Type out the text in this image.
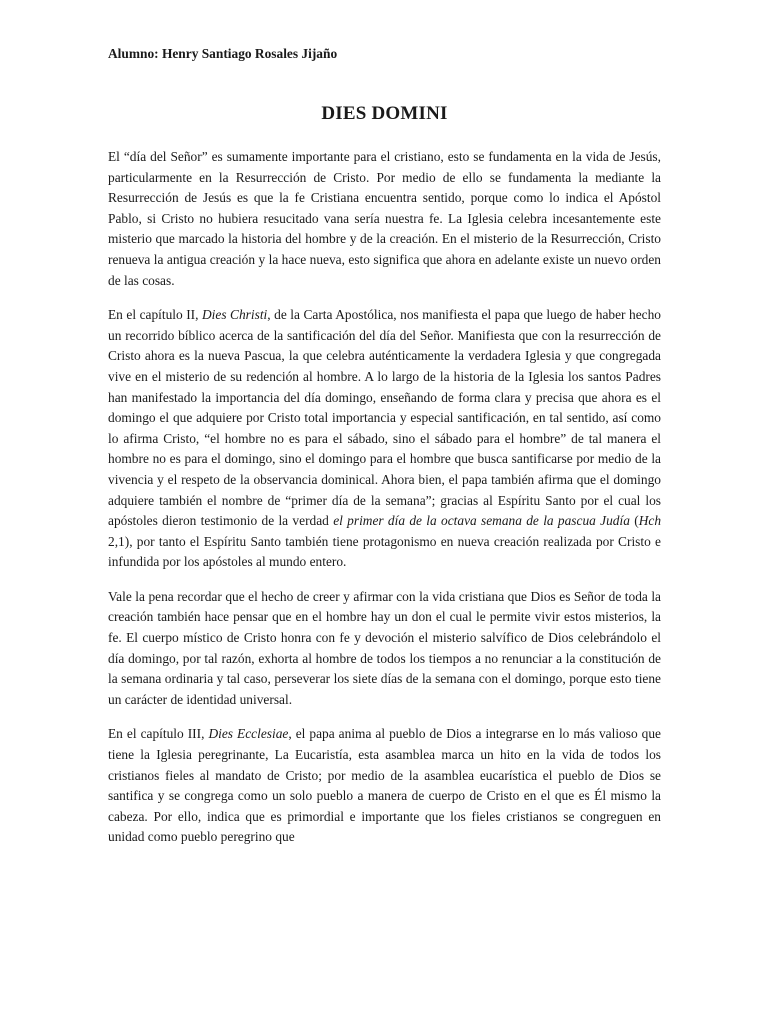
Alumno: Henry Santiago Rosales Jijaño

DIES DOMINI

El “día del Señor” es sumamente importante para el cristiano, esto se fundamenta en la vida de Jesús, particularmente en la Resurrección de Cristo. Por medio de ello se fundamenta la mediante la Resurrección de Jesús es que la fe Cristiana encuentra sentido, porque como lo indica el Apóstol Pablo, si Cristo no hubiera resucitado vana sería nuestra fe. La Iglesia celebra incesantemente este misterio que marcado la historia del hombre y de la creación. En el misterio de la Resurrección, Cristo renueva la antigua creación y la hace nueva, esto significa que ahora en adelante existe un nuevo orden de las cosas.

En el capítulo II, Dies Christi, de la Carta Apostólica, nos manifiesta el papa que luego de haber hecho un recorrido bíblico acerca de la santificación del día del Señor. Manifiesta que con la resurrección de Cristo ahora es la nueva Pascua, la que celebra auténticamente la verdadera Iglesia y que congregada vive en el misterio de su redención al hombre. A lo largo de la historia de la Iglesia los santos Padres han manifestado la importancia del día domingo, enseñando de forma clara y precisa que ahora es el domingo el que adquiere por Cristo total importancia y especial santificación, en tal sentido, así como lo afirma Cristo, “el hombre no es para el sábado, sino el sábado para el hombre” de tal manera el hombre no es para el domingo, sino el domingo para el hombre que busca santificarse por medio de la vivencia y el respeto de la observancia dominical. Ahora bien, el papa también afirma que el domingo adquiere también el nombre de “primer día de la semana”; gracias al Espíritu Santo por el cual los apóstoles dieron testimonio de la verdad el primer día de la octava semana de la pascua Judía (Hch 2,1), por tanto el Espíritu Santo también tiene protagonismo en nueva creación realizada por Cristo e infundida por los apóstoles al mundo entero.

Vale la pena recordar que el hecho de creer y afirmar con la vida cristiana que Dios es Señor de toda la creación también hace pensar que en el hombre hay un don el cual le permite vivir estos misterios, la fe. El cuerpo místico de Cristo honra con fe y devoción el misterio salvífico de Dios celebrándolo el día domingo, por tal razón, exhorta al hombre de todos los tiempos a no renunciar a la constitución de la semana ordinaria y tal caso, perseverar los siete días de la semana con el domingo, porque esto tiene un carácter de identidad universal.

En el capítulo III, Dies Ecclesiae, el papa anima al pueblo de Dios a integrarse en lo más valioso que tiene la Iglesia peregrinante, La Eucaristía, esta asamblea marca un hito en la vida de todos los cristianos fieles al mandato de Cristo; por medio de la asamblea eucarística el pueblo de Dios se santifica y se congrega como un solo pueblo a manera de cuerpo de Cristo en el que es Él mismo la cabeza. Por ello, indica que es primordial e importante que los fieles cristianos se congreguen en unidad como pueblo peregrino que
